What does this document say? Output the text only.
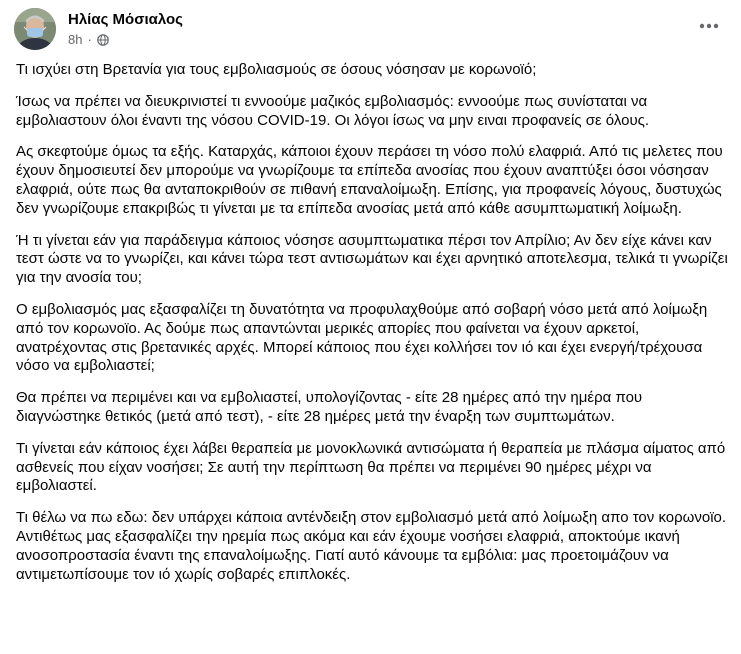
Ηλίας Μόσιαλος
8h ·

Τι ισχύει στη Βρετανία για τους εμβολιασμούς σε όσους νόσησαν με κορωνοϊό;

Ίσως να πρέπει να διευκρινιστεί τι εννοούμε μαζικός εμβολιασμός: εννοούμε πως συνίσταται να εμβολιαστουν όλοι έναντι της νόσου COVID-19. Οι λόγοι ίσως να μην ειναι προφανείς σε όλους.

Ας σκεφτούμε όμως τα εξής. Καταρχάς, κάποιοι έχουν περάσει τη νόσο πολύ ελαφριά. Από τις μελετες που έχουν δημοσιευτεί δεν μπορούμε να γνωρίζουμε τα επίπεδα ανοσίας που έχουν αναπτύξει όσοι νόσησαν ελαφριά, ούτε πως θα ανταποκριθούν σε πιθανή επαναλοίμωξη. Επίσης, για προφανείς λόγους, δυστυχώς δεν γνωρίζουμε επακριβώς τι γίνεται με τα επίπεδα ανοσίας μετά από κάθε ασυμπτωματική λοίμωξη.

Ή τι γίνεται εάν για παράδειγμα κάποιος νόσησε ασυμπτωματικα πέρσι τον Απρίλιο; Αν δεν είχε κάνει καν τεστ ώστε να το γνωρίζει, και κάνει τώρα τεστ αντισωμάτων και έχει αρνητικό αποτελεσμα, τελικά τι γνωρίζει για την ανοσία του;

Ο εμβολιασμός μας εξασφαλίζει τη δυνατότητα να προφυλαχθούμε από σοβαρή νόσο μετά από λοίμωξη από τον κορωνοϊο. Ας δούμε πως απαντώνται μερικές απορίες που φαίνεται να έχουν αρκετοί, ανατρέχοντας στις βρετανικές αρχές. Μπορεί κάποιος που έχει κολλήσει τον ιό και έχει ενεργή/τρέχουσα νόσο να εμβολιαστεί;

Θα πρέπει να περιμένει και να εμβολιαστεί, υπολογίζοντας - είτε 28 ημέρες από την ημέρα που διαγνώστηκε θετικός (μετά από τεστ), - είτε 28 ημέρες μετά την έναρξη των συμπτωμάτων.

Τι γίνεται εάν κάποιος έχει λάβει θεραπεία με μονοκλωνικά αντισώματα ή θεραπεία με πλάσμα αίματος από ασθενείς που είχαν νοσήσει; Σε αυτή την περίπτωση θα πρέπει να περιμένει 90 ημέρες μέχρι να εμβολιαστεί.

Τι θέλω να πω εδω: δεν υπάρχει κάποια αντένδειξη στον εμβολιασμό μετά από λοίμωξη απο τον κορωνοϊο. Αντιθέτως μας εξασφαλίζει την ηρεμία πως ακόμα και εάν έχουμε νοσήσει ελαφριά, αποκτούμε ικανή ανοσοπροστασία έναντι της επαναλοίμωξης. Γιατί αυτό κάνουμε τα εμβόλια: μας προετοιμάζουν να αντιμετωπίσουμε τον ιό χωρίς σοβαρές επιπλοκές.
